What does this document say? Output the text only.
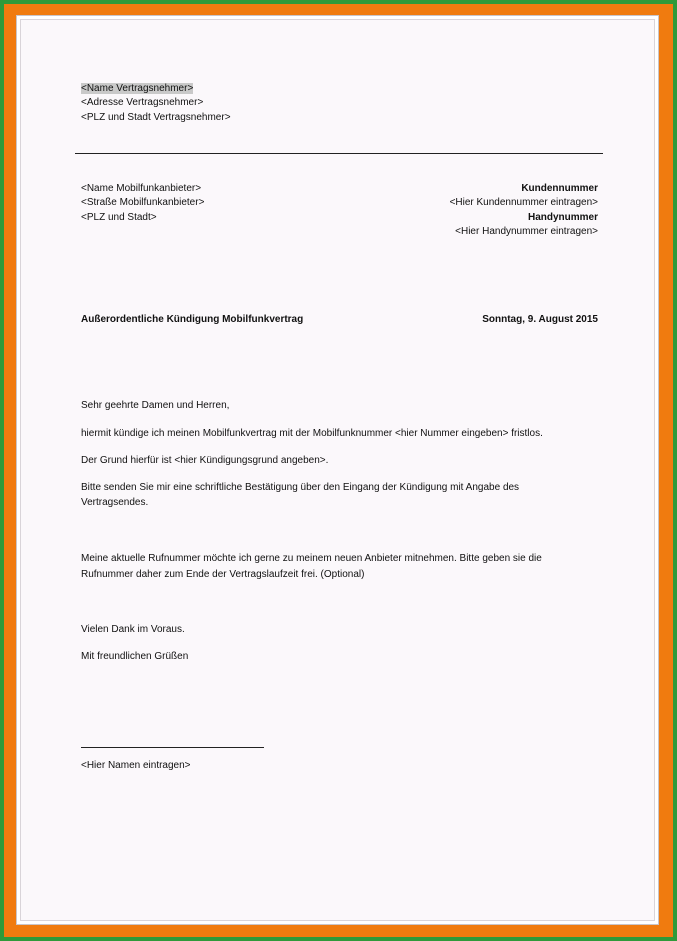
<Name Vertragsnehmer>
<Adresse Vertragsnehmer>
<PLZ und Stadt Vertragsnehmer>
<Name Mobilfunkanbieter>
<Straße Mobilfunkanbieter>
<PLZ und Stadt>
Kundennummer
<Hier Kundennummer eintragen>
Handynummer
<Hier Handynummer eintragen>
Außerordentliche Kündigung Mobilfunkvertrag	Sonntag, 9. August 2015
Sehr geehrte Damen und Herren,
hiermit kündige ich meinen Mobilfunkvertrag mit der Mobilfunknummer <hier Nummer eingeben> fristlos.
Der Grund hierfür ist <hier Kündigungsgrund angeben>.
Bitte senden Sie mir eine schriftliche Bestätigung über den Eingang der Kündigung mit Angabe des
Vertragsendes.
Meine aktuelle Rufnummer möchte ich gerne zu meinem neuen Anbieter mitnehmen. Bitte geben sie die
Rufnummer daher zum Ende der Vertragslaufzeit frei. (Optional)
Vielen Dank im Voraus.
Mit freundlichen Grüßen
<Hier Namen eintragen>
